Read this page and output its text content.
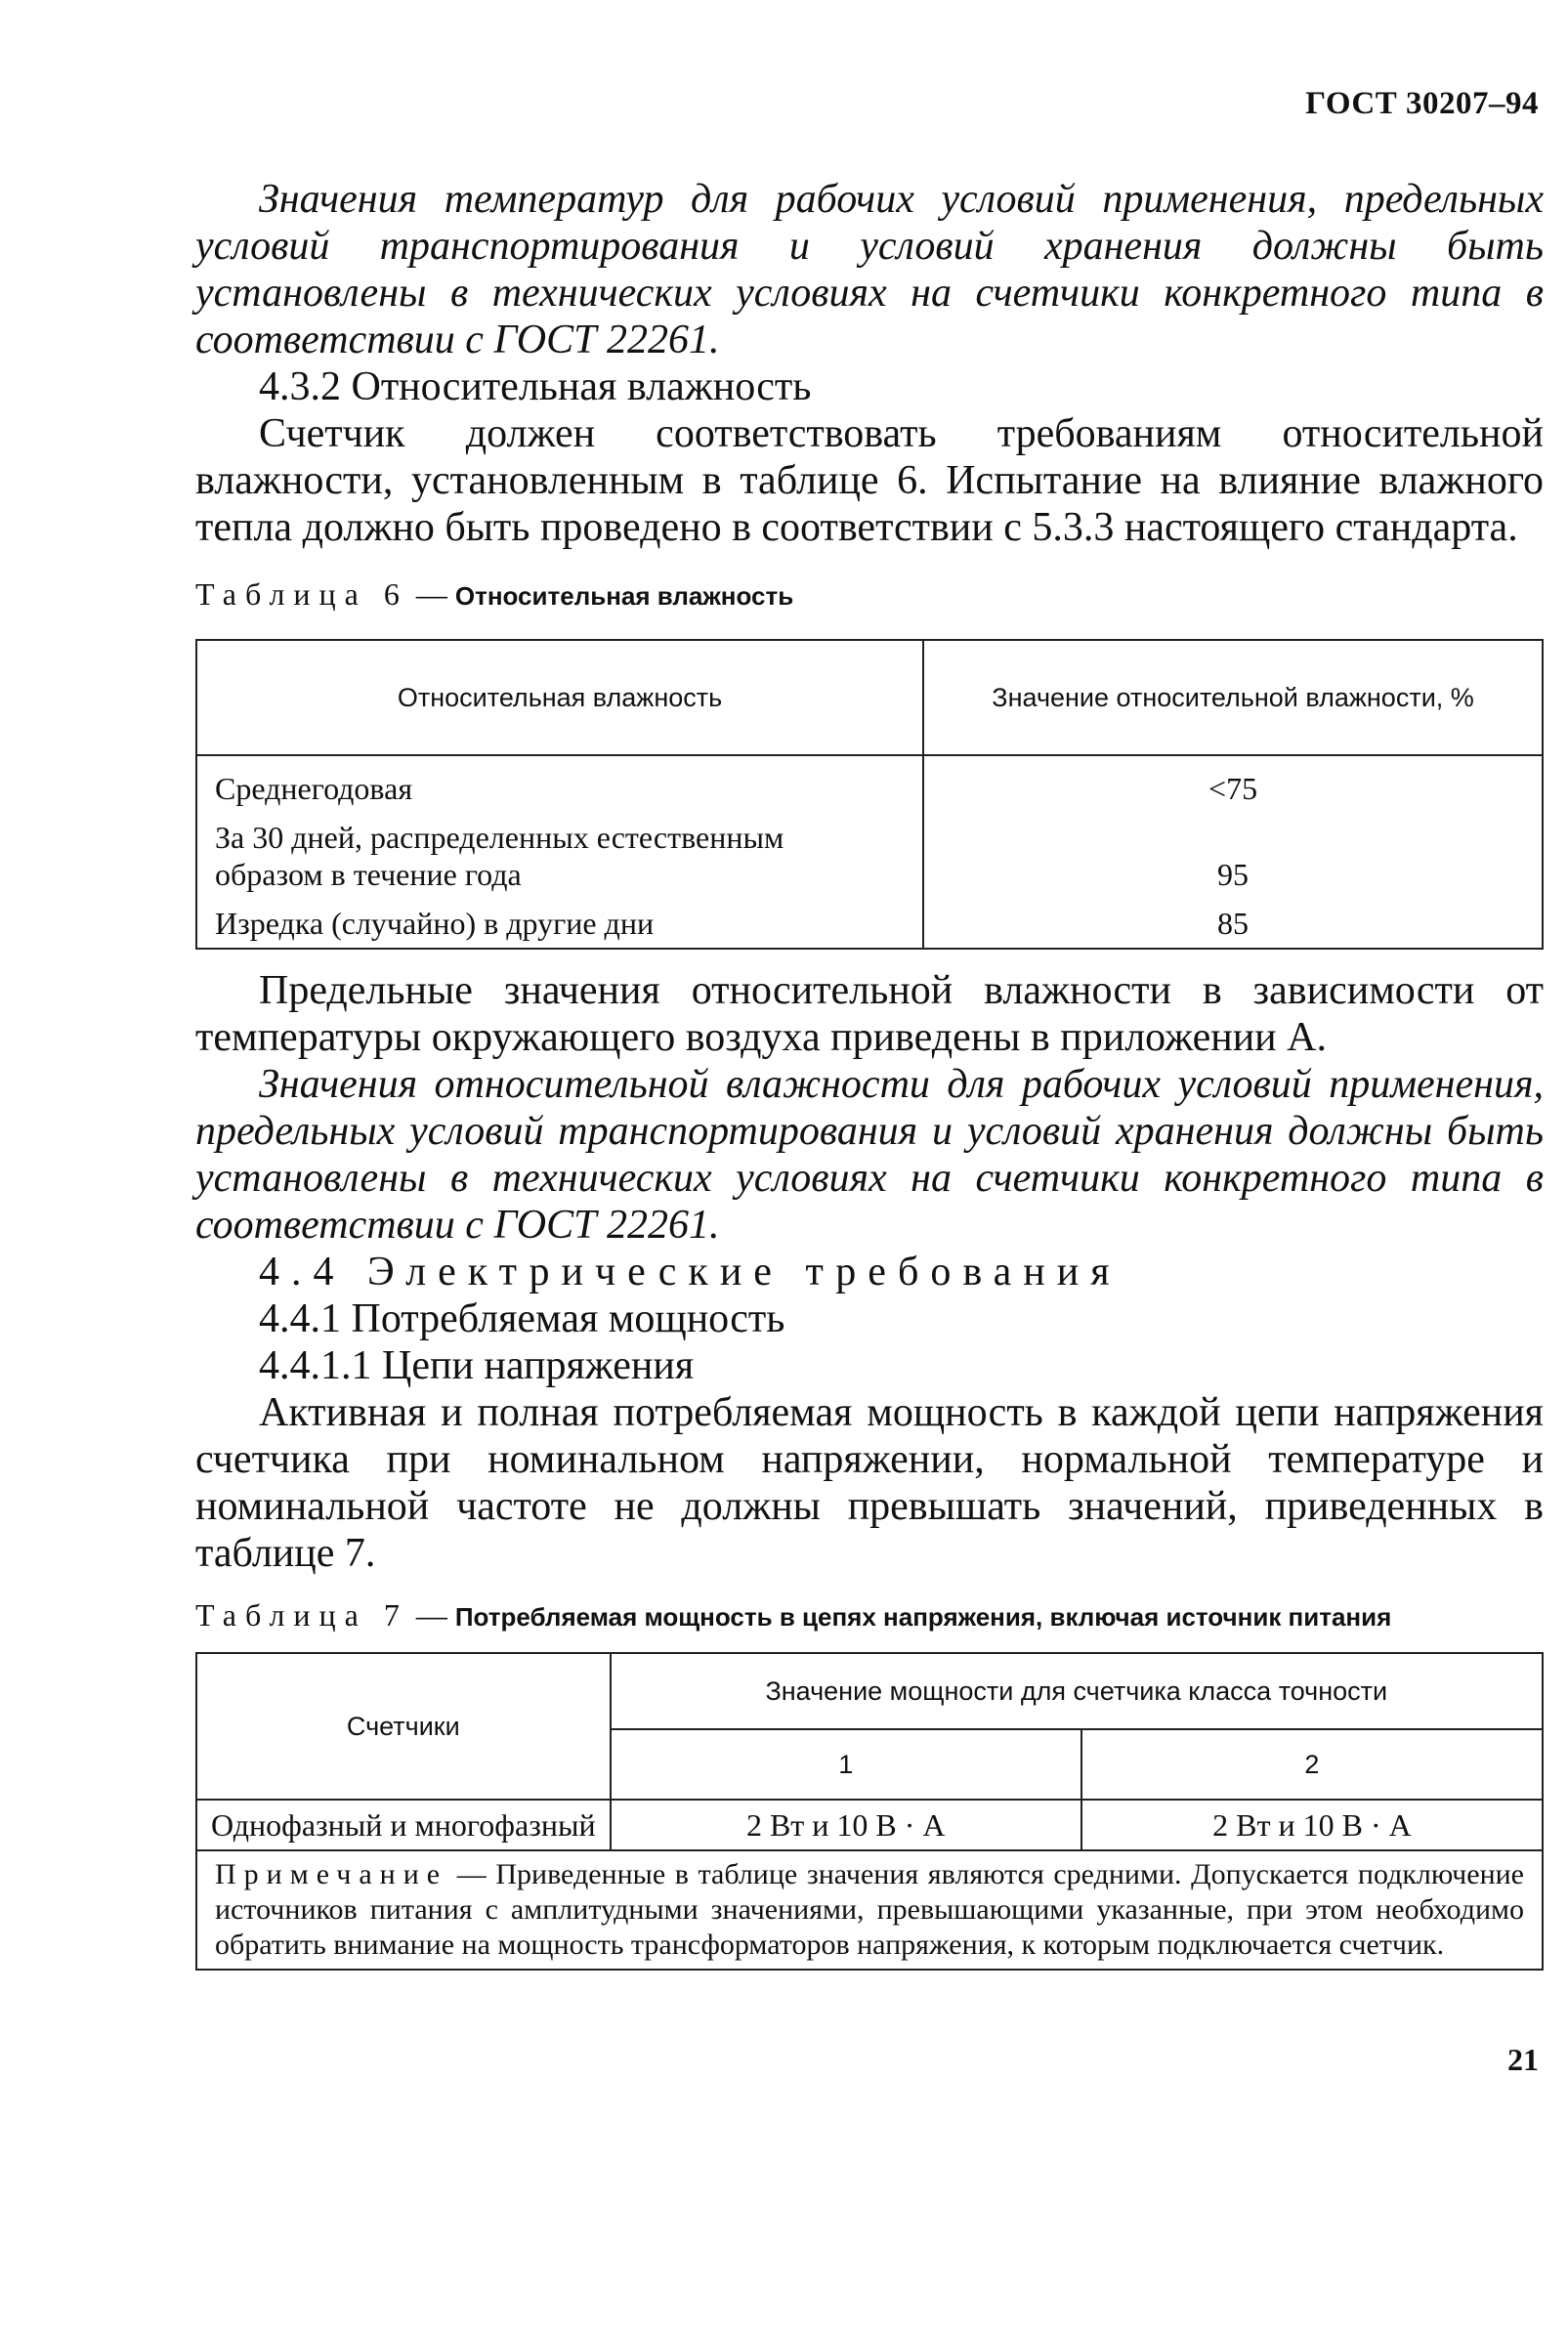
ГОСТ 30207–94

Значения температур для рабочих условий применения, предельных условий транспортирования и условий хранения должны быть установлены в технических условиях на счетчики конкретного типа в соответствии с ГОСТ 22261.

4.3.2 Относительная влажность

Счетчик должен соответствовать требованиям относительной влажности, установленным в таблице 6. Испытание на влияние влажного тепла должно быть проведено в соответствии с 5.3.3 настоящего стандарта.

Таблица 6 — Относительная влажность

Относительная влажность	Значение относительной влажности, %
Среднегодовая	<75
За 30 дней, распределенных естественным образом в течение года	95
Изредка (случайно) в другие дни	85

Предельные значения относительной влажности в зависимости от температуры окружающего воздуха приведены в приложении А.

Значения относительной влажности для рабочих условий применения, предельных условий транспортирования и условий хранения должны быть установлены в технических условиях на счетчики конкретного типа в соответствии с ГОСТ 22261.

4.4 Электрические требования

4.4.1 Потребляемая мощность

4.4.1.1 Цепи напряжения

Активная и полная потребляемая мощность в каждой цепи напряжения счетчика при номинальном напряжении, нормальной температуре и номинальной частоте не должны превышать значений, приведенных в таблице 7.

Таблица 7 — Потребляемая мощность в цепях напряжения, включая источник питания

Счетчики	Значение мощности для счетчика класса точности	
	1	2
Однофазный и многофазный	2 Вт и 10 В · А	2 Вт и 10 В · А
Примечание — Приведенные в таблице значения являются средними. Допускается подключение источников питания с амплитудными значениями, превышающими указанные, при этом необходимо обратить внимание на мощность трансформаторов напряжения, к которым подключается счетчик.		
21
